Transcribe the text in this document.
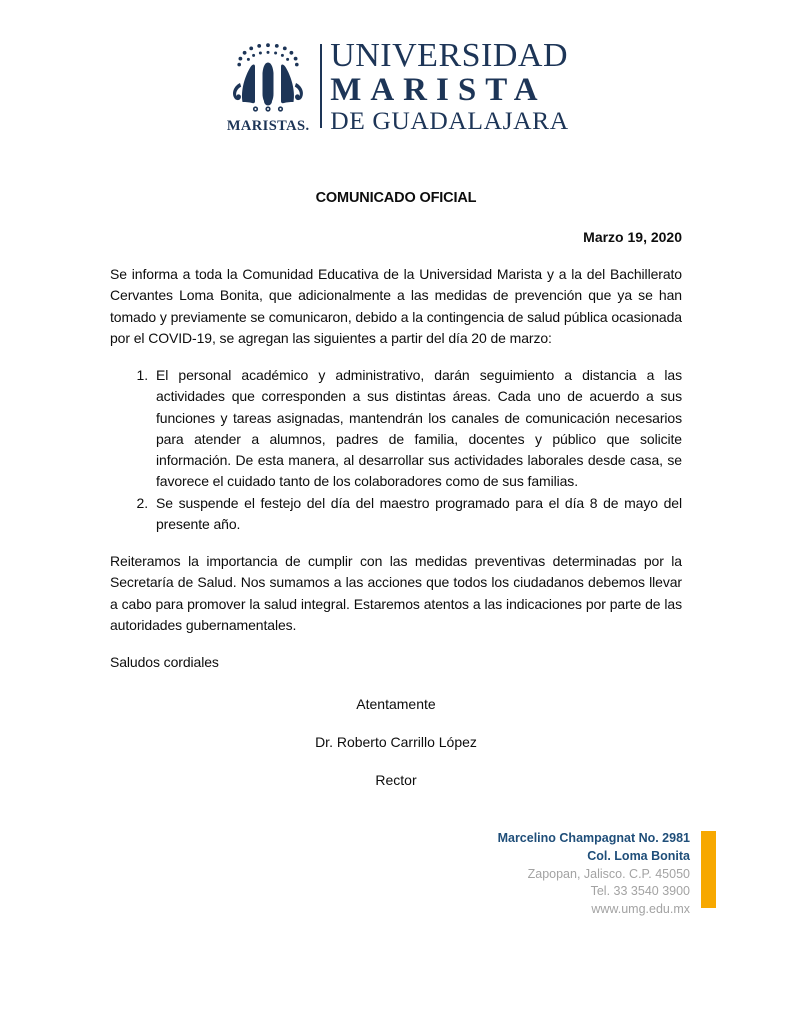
MARISTAS.
UNIVERSIDAD
MARISTA
DE GUADALAJARA
COMUNICADO OFICIAL
Marzo 19, 2020

Se informa a toda la Comunidad Educativa de la Universidad Marista y a la del Bachillerato Cervantes Loma Bonita, que adicionalmente a las medidas de prevención que ya se han tomado y previamente se comunicaron, debido a la contingencia de salud pública ocasionada por el COVID-19, se agregan las siguientes a partir del día 20 de marzo:

El personal académico y administrativo, darán seguimiento a distancia a las actividades que corresponden a sus distintas áreas. Cada uno de acuerdo a sus funciones y tareas asignadas, mantendrán los canales de comunicación necesarios para atender a alumnos, padres de familia, docentes y público que solicite información. De esta manera, al desarrollar sus actividades laborales desde casa, se favorece el cuidado tanto de los colaboradores como de sus familias.
Se suspende el festejo del día del maestro programado para el día 8 de mayo del presente año.

Reiteramos la importancia de cumplir con las medidas preventivas determinadas por la Secretaría de Salud. Nos sumamos a las acciones que todos los ciudadanos debemos llevar a cabo para promover la salud integral. Estaremos atentos a las indicaciones por parte de las autoridades gubernamentales.

Saludos cordiales

Atentamente
Dr. Roberto Carrillo López
Rector
Marcelino Champagnat No. 2981
Col. Loma Bonita
Zapopan, Jalisco. C.P. 45050
Tel. 33 3540 3900
www.umg.edu.mx
